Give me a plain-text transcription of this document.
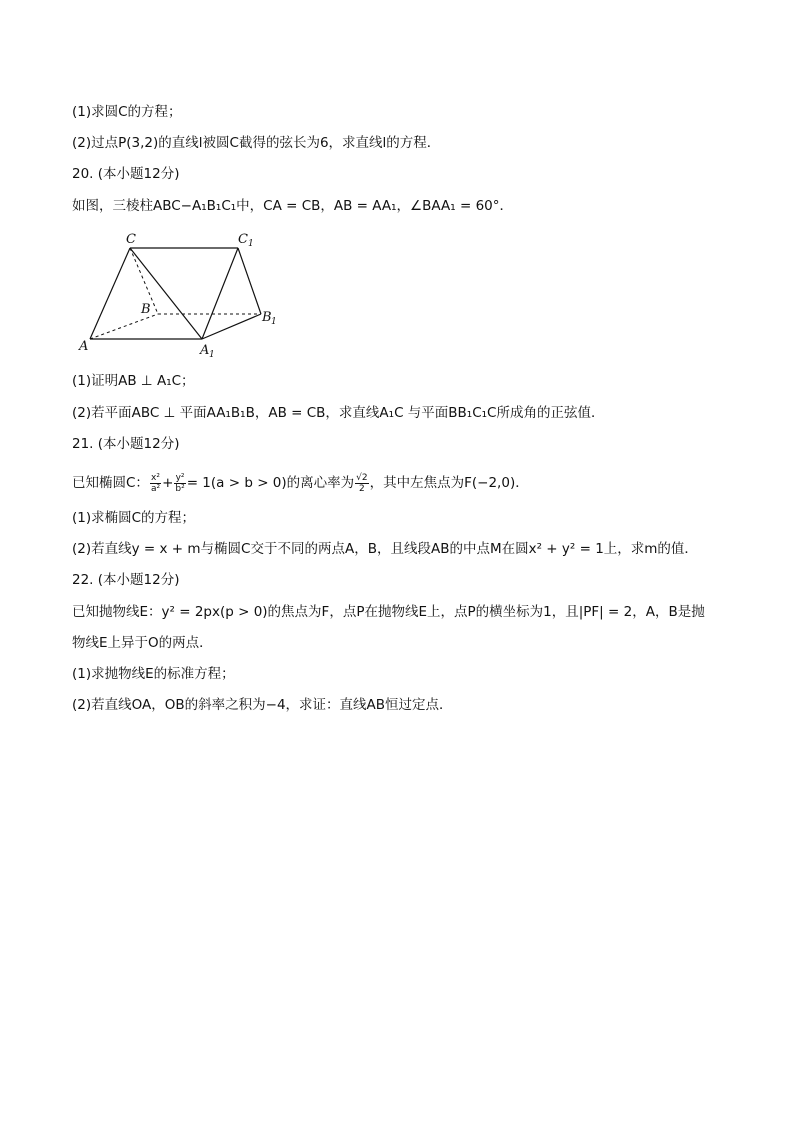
(1)求圆C的方程；
(2)过点P(3,2)的直线l被圆C截得的弦长为6，求直线l的方程．
20. (本小题12分)
如图，三棱柱ABC−A₁B₁C₁中，CA = CB，AB = AA₁，∠BAA₁ = 60°．
C	C 1
B
B 1
A	A 1
(1)证明AB ⊥ A₁C；
(2)若平面ABC ⊥ 平面AA₁B₁B，AB = CB，求直线A₁C 与平面BB₁C₁C所成角的正弦值．
21. (本小题12分)
已知椭圆C： $\frac{\text{x²}}{\text{a²}} + \frac{\text{y²}}{\text{b²}} = 1(a > b > 0)$的离心率为 $\frac{√2}{2}$ ，其中左焦点为F(−2,0)．
(1)求椭圆C的方程；
(2)若直线y = x + m与椭圆C交于不同的两点A，B，且线段AB的中点M在圆x² + y² = 1上，求m的值．
22. (本小题12分)
已知抛物线E：y² = 2px(p > 0)的焦点为F，点P在抛物线E上，点P的横坐标为1，且|PF| = 2，A，B是抛
物线E上异于O的两点．
(1)求抛物线E的标准方程；
(2)若直线OA，OB的斜率之积为−4，求证：直线AB恒过定点．
